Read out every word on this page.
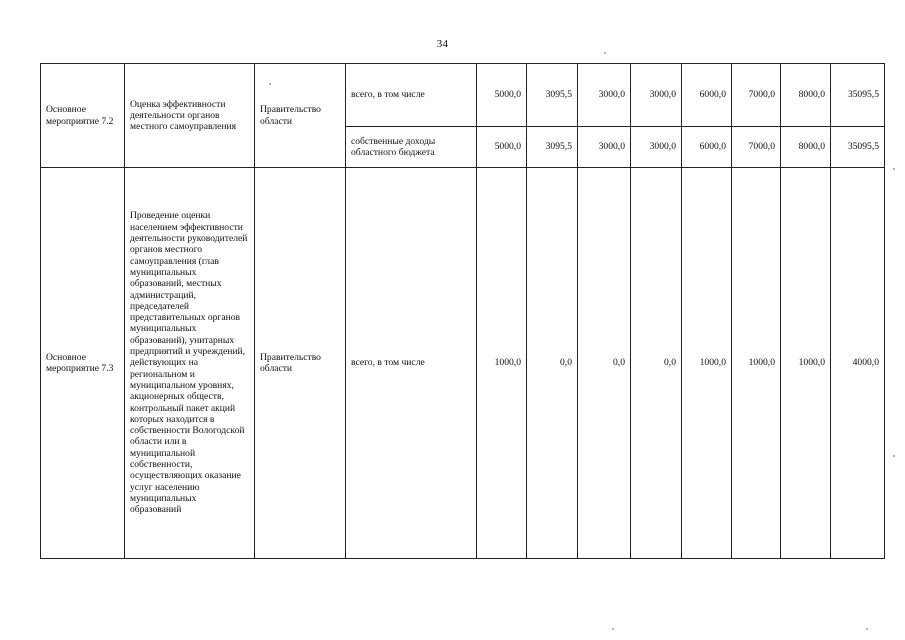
34
Основное мероприятие 7.2	Оценка эффективности деятельности органов местного самоуправления	Правительство области	всего, в том числе	5000,0	3095,5	3000,0	3000,0	6000,0	7000,0	8000,0	35095,5
			собственные доходы областного бюджета	5000,0	3095,5	3000,0	3000,0	6000,0	7000,0	8000,0	35095,5
Основное мероприятие 7.3	Проведение оценки населением эффективности деятельности руководителей органов местного самоуправления (глав муниципальных образований, местных администраций, председателей представительных органов муниципальных образований), унитарных предприятий и учреждений, действующих на региональном и муниципальном уровнях, акционерных обществ, контрольный пакет акций которых находится в собственности Вологодской области или в муниципальной собственности, осуществляющих оказание услуг населению муниципальных образований	Правительство области	всего, в том числе	1000,0	0,0	0,0	0,0	1000,0	1000,0	1000,0	4000,0
